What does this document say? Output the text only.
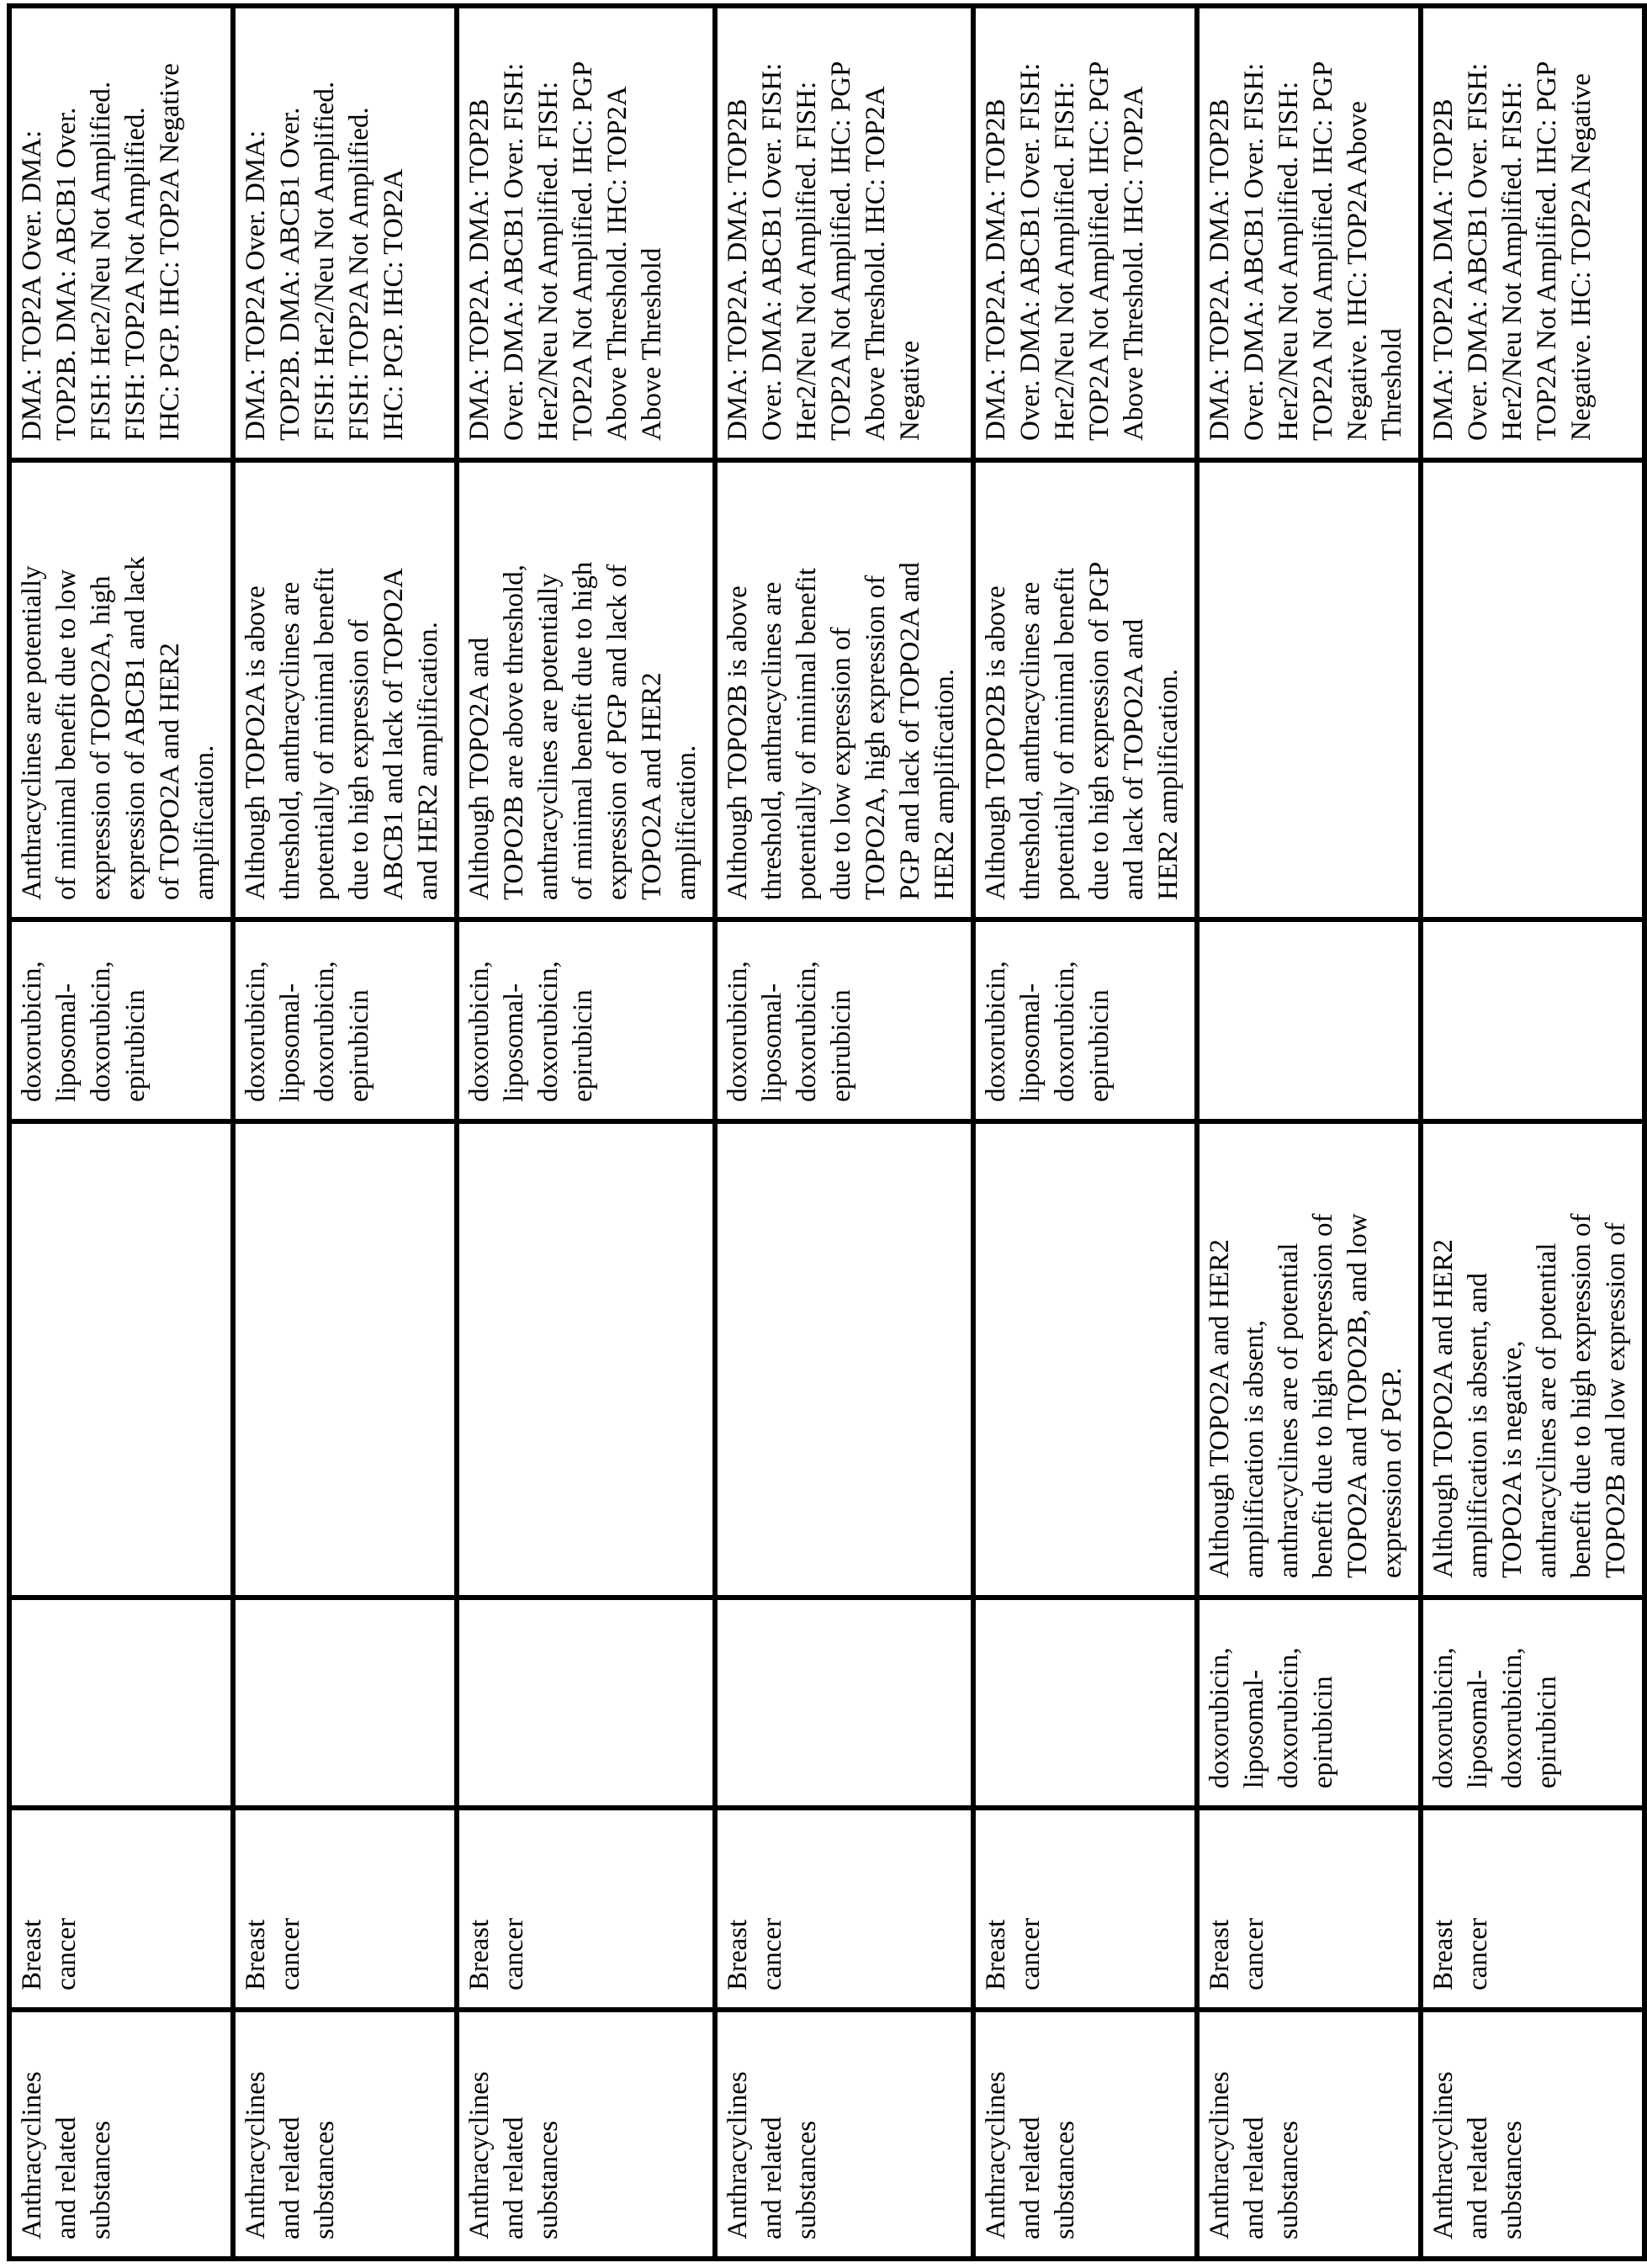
Anthracyclines
and related
substances	Breast
cancer			doxorubicin,
liposomal-
doxorubicin,
epirubicin	Anthracyclines are potentially
of minimal benefit due to low
expression of TOPO2A, high
expression of ABCB1 and lack
of TOPO2A and HER2
amplification.	DMA: TOP2A Over. DMA:
TOP2B. DMA: ABCB1 Over.
FISH: Her2/Neu Not Amplified.
FISH: TOP2A Not Amplified.
IHC: PGP. IHC: TOP2A Negative
Anthracyclines
and related
substances	Breast
cancer			doxorubicin,
liposomal-
doxorubicin,
epirubicin	Although TOPO2A is above
threshold, anthracyclines are
potentially of minimal benefit
due to high expression of
ABCB1 and lack of TOPO2A
and HER2 amplification.	DMA: TOP2A Over. DMA:
TOP2B. DMA: ABCB1 Over.
FISH: Her2/Neu Not Amplified.
FISH: TOP2A Not Amplified.
IHC: PGP. IHC: TOP2A
Anthracyclines
and related
substances	Breast
cancer			doxorubicin,
liposomal-
doxorubicin,
epirubicin	Although TOPO2A and
TOPO2B are above threshold,
anthracyclines are potentially
of minimal benefit due to high
expression of PGP and lack of
TOPO2A and HER2
amplification.	DMA: TOP2A. DMA: TOP2B
Over. DMA: ABCB1 Over. FISH:
Her2/Neu Not Amplified. FISH:
TOP2A Not Amplified. IHC: PGP
Above Threshold. IHC: TOP2A
Above Threshold
Anthracyclines
and related
substances	Breast
cancer			doxorubicin,
liposomal-
doxorubicin,
epirubicin	Although TOPO2B is above
threshold, anthracyclines are
potentially of minimal benefit
due to low expression of
TOPO2A, high expression of
PGP and lack of TOPO2A and
HER2 amplification.	DMA: TOP2A. DMA: TOP2B
Over. DMA: ABCB1 Over. FISH:
Her2/Neu Not Amplified. FISH:
TOP2A Not Amplified. IHC: PGP
Above Threshold. IHC: TOP2A
Negative
Anthracyclines
and related
substances	Breast
cancer			doxorubicin,
liposomal-
doxorubicin,
epirubicin	Although TOPO2B is above
threshold, anthracyclines are
potentially of minimal benefit
due to high expression of PGP
and lack of TOPO2A and
HER2 amplification.	DMA: TOP2A. DMA: TOP2B
Over. DMA: ABCB1 Over. FISH:
Her2/Neu Not Amplified. FISH:
TOP2A Not Amplified. IHC: PGP
Above Threshold. IHC: TOP2A
Anthracyclines
and related
substances	Breast
cancer	doxorubicin,
liposomal-
doxorubicin,
epirubicin	Although TOPO2A and HER2
amplification is absent,
anthracyclines are of potential
benefit due to high expression of
TOPO2A and TOPO2B, and low
expression of PGP.			DMA: TOP2A. DMA: TOP2B
Over. DMA: ABCB1 Over. FISH:
Her2/Neu Not Amplified. FISH:
TOP2A Not Amplified. IHC: PGP
Negative. IHC: TOP2A Above
Threshold
Anthracyclines
and related
substances	Breast
cancer	doxorubicin,
liposomal-
doxorubicin,
epirubicin	Although TOPO2A and HER2
amplification is absent, and
TOPO2A is negative,
anthracyclines are of potential
benefit due to high expression of
TOPO2B and low expression of			DMA: TOP2A. DMA: TOP2B
Over. DMA: ABCB1 Over. FISH:
Her2/Neu Not Amplified. FISH:
TOP2A Not Amplified. IHC: PGP
Negative. IHC: TOP2A Negative
